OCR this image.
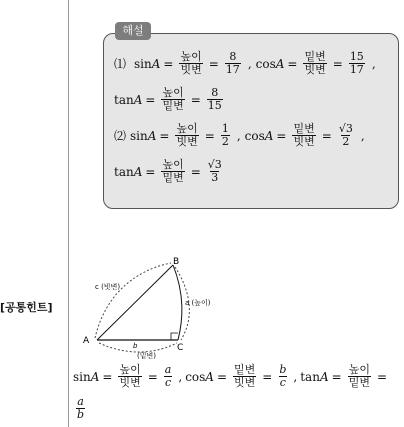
[공통힌트]
해설
⑴ $\sin A = \frac{\text{높이}}{\text{빗변}} = \frac{8}{17}$ , $\cos A = \frac{\text{밑변}}{\text{빗변}} = \frac{15}{17}$ ,
$\tan A = \frac{\text{높이}}{\text{밑변}} = \frac{8}{15}$
⑵ $\sin A = \frac{\text{높이}}{\text{빗변}} = \frac{1}{2}$ , $\cos A = \frac{\text{밑변}}{\text{빗변}} = \frac{√3}{2}$ ,
$\tan A = \frac{\text{높이}}{\text{밑변}} = \frac{√3}{3}$
A
B
C
c (빗변)
a (높이)
b
(밑변)
$\sin A = \frac{\text{높이}}{\text{빗변}} = \frac{a}{c}$ , $\cos A = \frac{\text{밑변}}{\text{빗변}} = \frac{b}{c}$ , $\tan A = \frac{\text{높이}}{\text{밑변}}$ =
$\frac{a}{b}$
